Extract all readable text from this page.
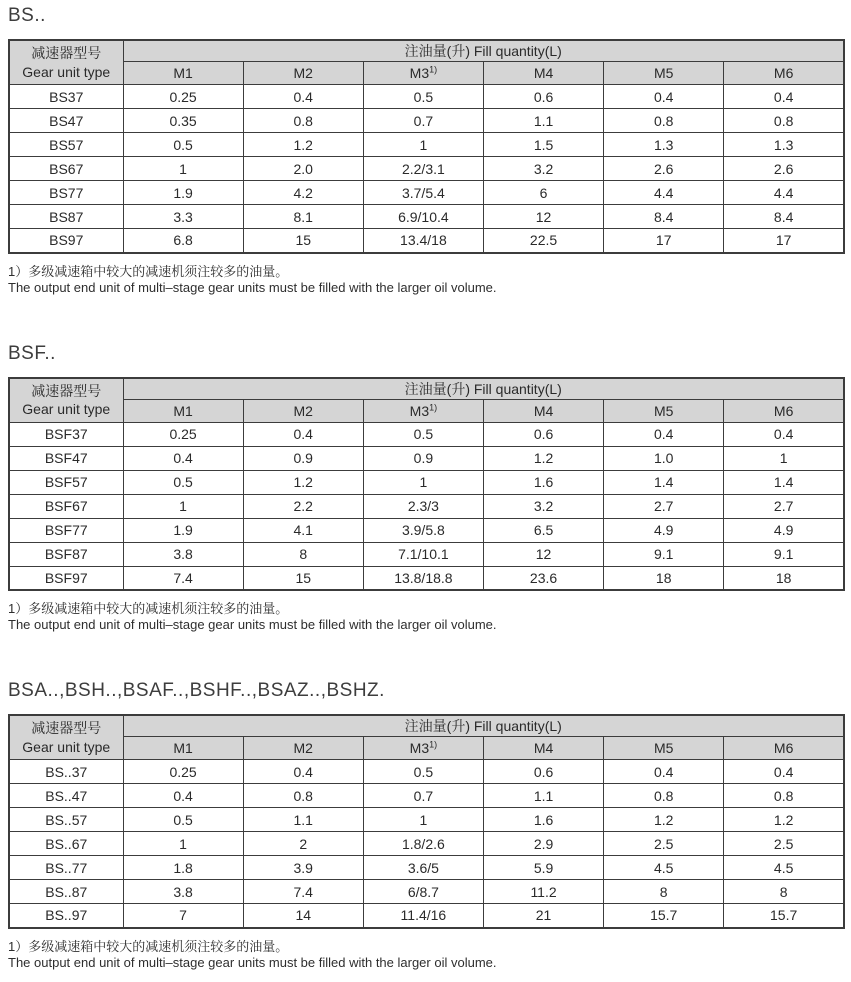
BS..
减速器型号
Gear unit type	注油量(升) Fill quantity(L)					
	M1	M2	M3$^{1)}$	M4	M5	M6
BS37	0.25	0.4	0.5	0.6	0.4	0.4
BS47	0.35	0.8	0.7	1.1	0.8	0.8
BS57	0.5	1.2	1	1.5	1.3	1.3
BS67	1	2.0	2.2/3.1	3.2	2.6	2.6
BS77	1.9	4.2	3.7/5.4	6	4.4	4.4
BS87	3.3	8.1	6.9/10.4	12	8.4	8.4
BS97	6.8	15	13.4/18	22.5	17	17

1）多级减速箱中较大的减速机须注较多的油量。

The output end unit of multi–stage gear units must be filled with the larger oil volume.

BSF..
减速器型号
Gear unit type	注油量(升) Fill quantity(L)					
	M1	M2	M3$^{1)}$	M4	M5	M6
BSF37	0.25	0.4	0.5	0.6	0.4	0.4
BSF47	0.4	0.9	0.9	1.2	1.0	1
BSF57	0.5	1.2	1	1.6	1.4	1.4
BSF67	1	2.2	2.3/3	3.2	2.7	2.7
BSF77	1.9	4.1	3.9/5.8	6.5	4.9	4.9
BSF87	3.8	8	7.1/10.1	12	9.1	9.1
BSF97	7.4	15	13.8/18.8	23.6	18	18

1）多级减速箱中较大的减速机须注较多的油量。

The output end unit of multi–stage gear units must be filled with the larger oil volume.

BSA..,BSH..,BSAF..,BSHF..,BSAZ..,BSHZ.
减速器型号
Gear unit type	注油量(升) Fill quantity(L)					
	M1	M2	M3$^{1)}$	M4	M5	M6
BS..37	0.25	0.4	0.5	0.6	0.4	0.4
BS..47	0.4	0.8	0.7	1.1	0.8	0.8
BS..57	0.5	1.1	1	1.6	1.2	1.2
BS..67	1	2	1.8/2.6	2.9	2.5	2.5
BS..77	1.8	3.9	3.6/5	5.9	4.5	4.5
BS..87	3.8	7.4	6/8.7	11.2	8	8
BS..97	7	14	11.4/16	21	15.7	15.7

1）多级减速箱中较大的减速机须注较多的油量。

The output end unit of multi–stage gear units must be filled with the larger oil volume.
